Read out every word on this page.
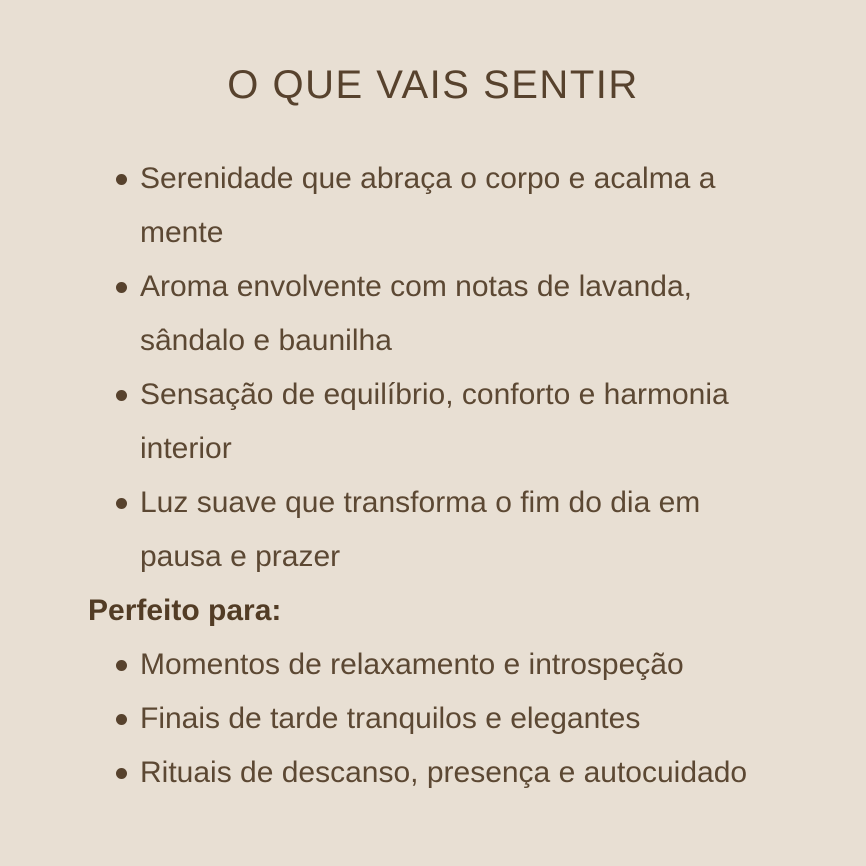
O QUE VAIS SENTIR
Serenidade que abraça o corpo e acalma a mente
Aroma envolvente com notas de lavanda, sândalo e baunilha
Sensação de equilíbrio, conforto e harmonia interior
Luz suave que transforma o fim do dia em pausa e prazer

Perfeito para:

Momentos de relaxamento e introspeção
Finais de tarde tranquilos e elegantes
Rituais de descanso, presença e autocuidado
